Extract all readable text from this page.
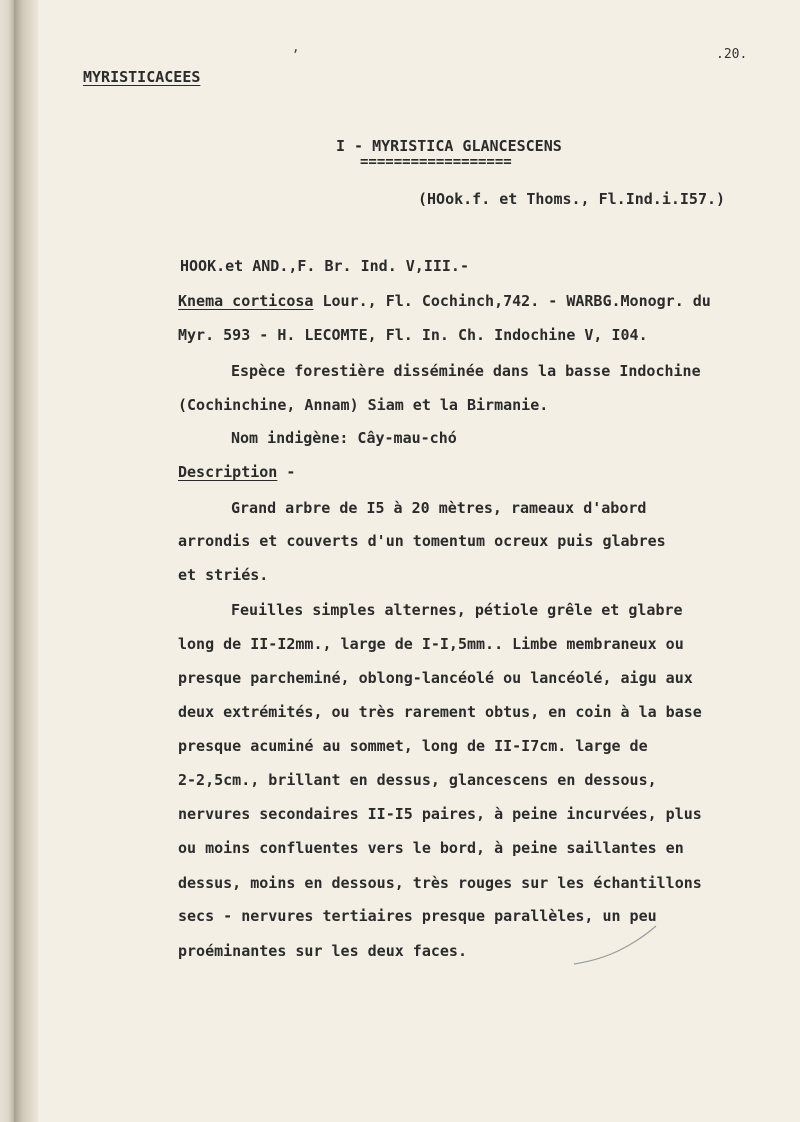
ʼ	.20.
MYRISTICACEES
I - MYRISTICA GLANCESCENS
==================
(HOok.f. et Thoms., Fl.Ind.i.I57.)
HOOK.et AND.,F. Br. Ind. V,III.-
Knema corticosa Lour., Fl. Cochinch,742. - WARBG.Monogr. du
Myr. 593 - H. LECOMTE, Fl. In. Ch. Indochine V, I04.
Espèce forestière disséminée dans la basse Indochine
(Cochinchine, Annam) Siam et la Birmanie.
Nom indigène: Cây-mau-chó
Description -
Grand arbre de I5 à 20 mètres, rameaux d'abord
arrondis et couverts d'un tomentum ocreux puis glabres
et striés.
Feuilles simples alternes, pétiole grêle et glabre
long de II-I2mm., large de I-I,5mm.. Limbe membraneux ou
presque parcheminé, oblong-lancéolé ou lancéolé, aigu aux
deux extrémités, ou très rarement obtus, en coin à la base
presque acuminé au sommet, long de II-I7cm. large de
2-2,5cm., brillant en dessus, glancescens en dessous,
nervures secondaires II-I5 paires, à peine incurvées, plus
ou moins confluentes vers le bord, à peine saillantes en
dessus, moins en dessous, très rouges sur les échantillons
secs - nervures tertiaires presque parallèles, un peu
proéminantes sur les deux faces.
